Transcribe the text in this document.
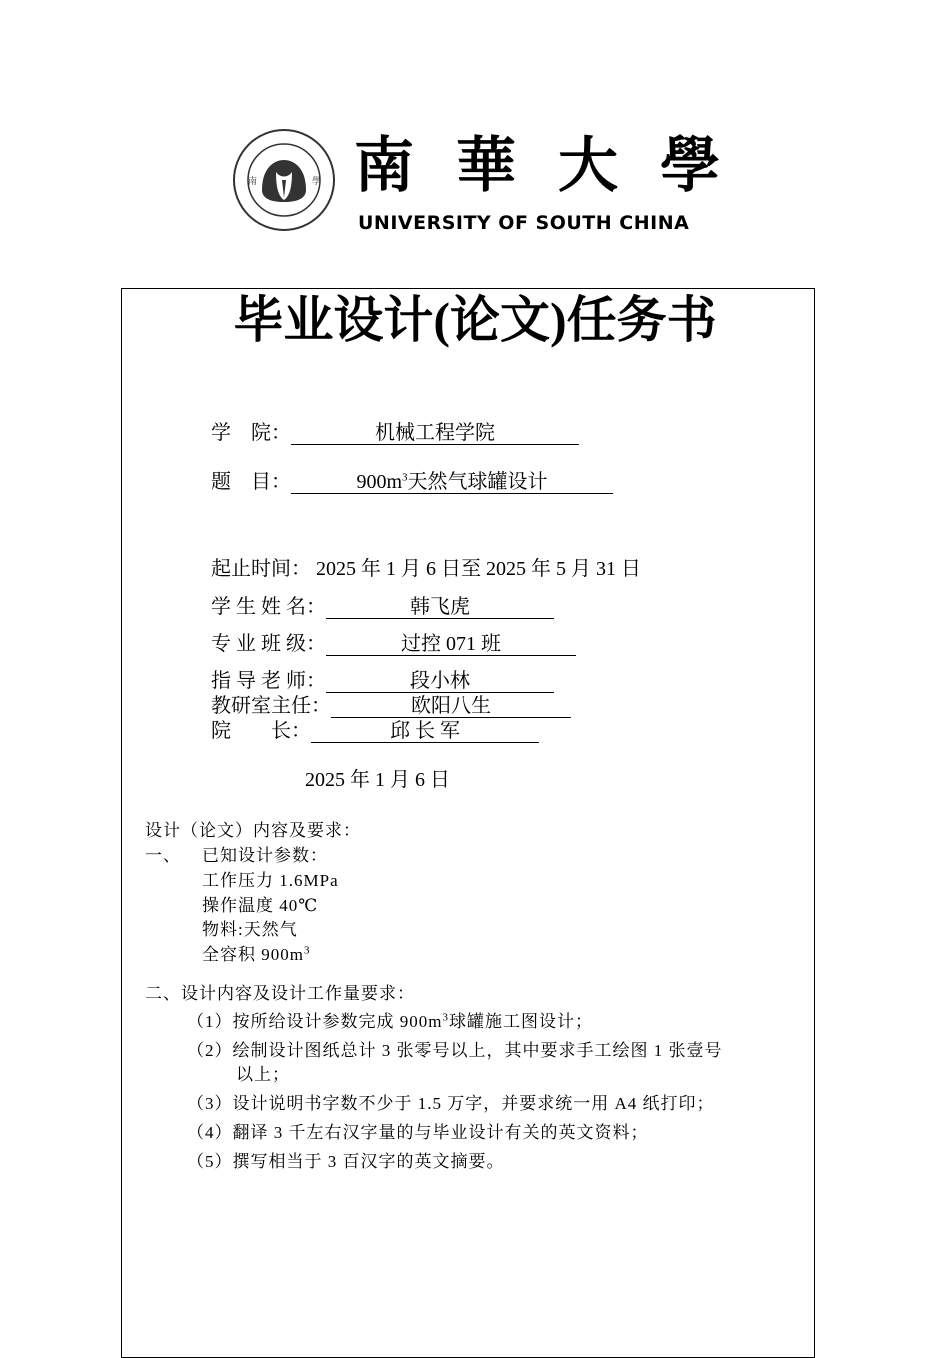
南	學 南 華 大 學
UNIVERSITY OF SOUTH CHINA
毕业设计(论文)任务书
学　院：	机械工程学院
题　目：	$900m^3$天然气球罐设计
起止时间： 2025 年 1 月 6 日至 2025 年 5 月 31 日
学 生 姓 名：	韩飞虎
专 业 班 级：	过控 071 班
指 导 老 师：	段小林
教研室主任：	欧阳八生
院　　长：	邱 长 军
2025 年 1 月 6 日
设计（论文）内容及要求：
一、 已知设计参数：
工作压力 1.6MPa
操作温度 40℃
物料:天然气
全容积 $900m^3$
二、设计内容及设计工作量要求：
（1）按所给设计参数完成 $900m^3$球罐施工图设计；
（2）绘制设计图纸总计 3 张零号以上，其中要求手工绘图 1 张壹号
以上；
（3）设计说明书字数不少于 1.5 万字，并要求统一用 A4 纸打印；
（4）翻译 3 千左右汉字量的与毕业设计有关的英文资料；
（5）撰写相当于 3 百汉字的英文摘要。
